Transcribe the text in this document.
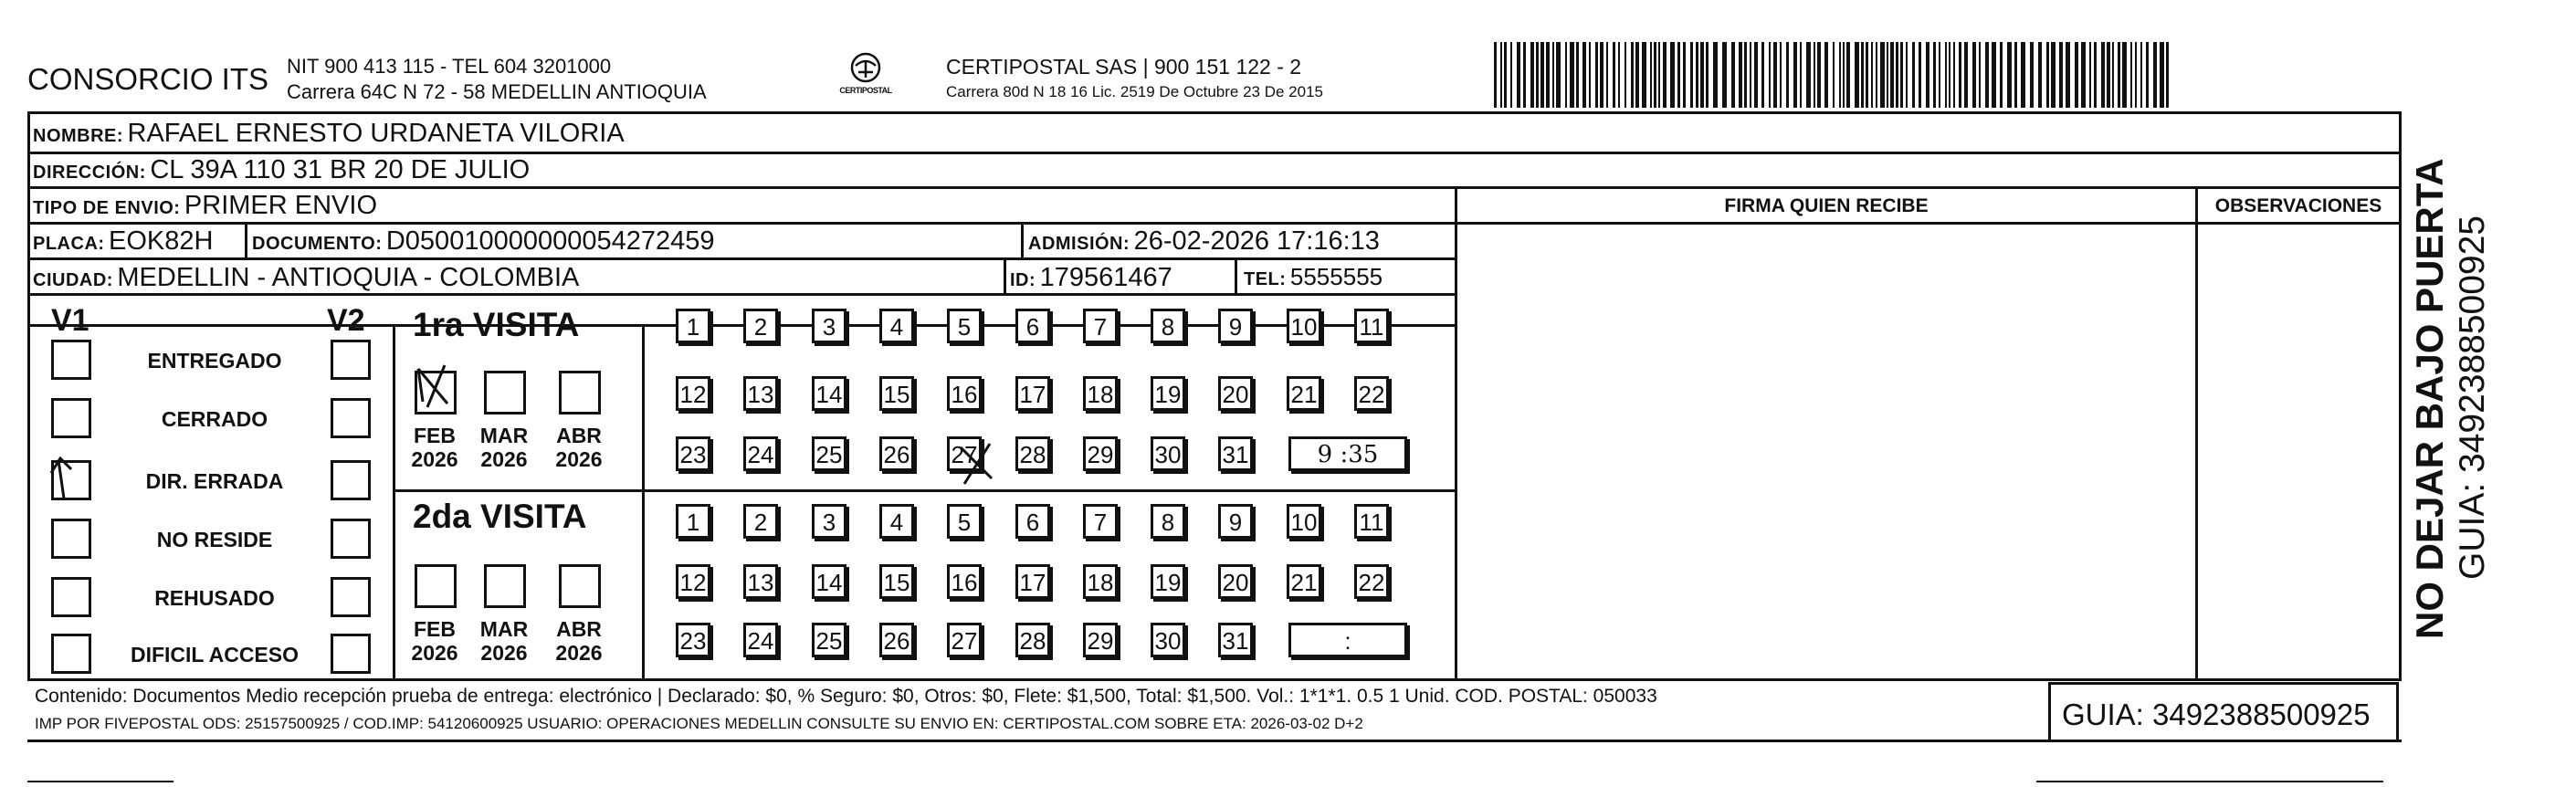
CONSORCIO ITS NIT 900 413 115 - TEL 604 3201000
Carrera 64C N 72 - 58 MEDELLIN ANTIOQUIA	CERTIPOSTAL
CERTIPOSTAL SAS | 900 151 122 - 2
Carrera 80d N 18 16 Lic. 2519 De Octubre 23 De 2015
NOMBRE: RAFAEL ERNESTO URDANETA VILORIA
DIRECCIÓN: CL 39A 110 31 BR 20 DE JULIO
TIPO DE ENVIO: PRIMER ENVIO	FIRMA QUIEN RECIBE	OBSERVACIONES
PLACA: EOK82H DOCUMENTO: D050010000000054272459	ADMISIÓN: 26-02-2026 17:16:13
CIUDAD: MEDELLIN - ANTIOQUIA - COLOMBIA	ID: 179561467	TEL: 5555555
V1	V2
ENTREGADO
CERRADO
DIR. ERRADA
NO RESIDE
REHUSADO
DIFICIL ACCESO
1ra VISITA
2da VISITA
FEB
2026
MAR
2026
ABR
2026
FEB
2026
MAR
2026
ABR
2026
1	2	3	4	5	6	7	8	9	10 11
12 13 14 15 16 17 18 19 20 21 22
23 24 25 26 27 28 29 30 31	9 :35
1	2	3	4	5	6	7	8	9	10 11
12 13 14 15 16 17 18 19 20 21 22
23 24 25 26 27 28 29 30 31	:
Contenido: Documentos Medio recepción prueba de entrega: electrónico | Declarado: $0, % Seguro: $0, Otros: $0, Flete: $1,500, Total: $1,500. Vol.: 1*1*1. 0.5 1 Unid. COD. POSTAL: 050033
IMP POR FIVEPOSTAL ODS: 25157500925 / COD.IMP: 54120600925 USUARIO: OPERACIONES MEDELLIN CONSULTE SU ENVIO EN: CERTIPOSTAL.COM SOBRE ETA: 2026-03-02 D+2	GUIA: 3492388500925
NO DEJAR BAJO PUERTA GUIA: 3492388500925
